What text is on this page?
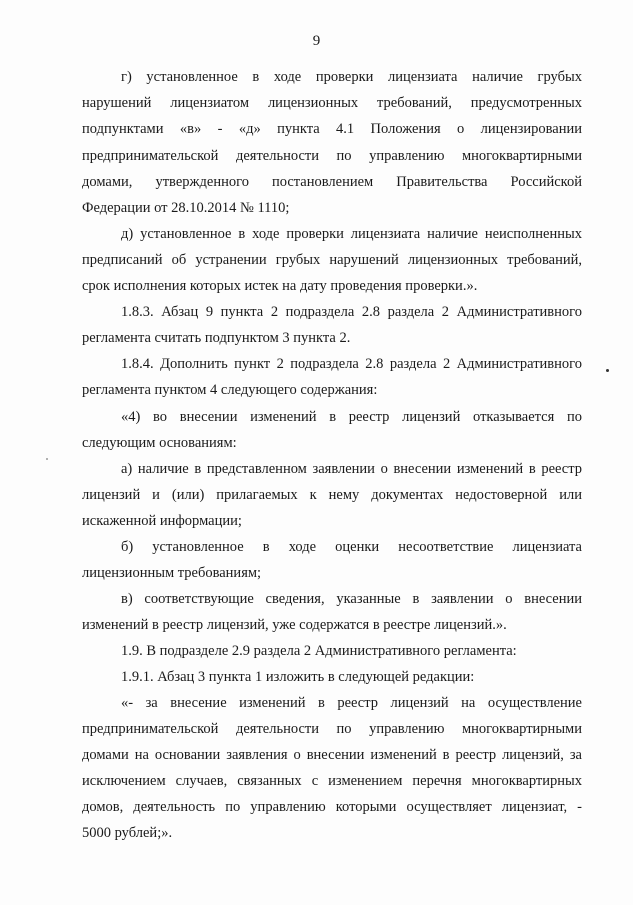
9
г) установленное в ходе проверки лицензиата наличие грубых
нарушений лицензиатом лицензионных требований, предусмотренных
подпунктами «в» - «д» пункта 4.1 Положения о лицензировании
предпринимательской деятельности по управлению многоквартирными
домами, утвержденного постановлением Правительства Российской
Федерации от 28.10.2014 № 1110;
д) установленное в ходе проверки лицензиата наличие неисполненных
предписаний об устранении грубых нарушений лицензионных требований,
срок исполнения которых истек на дату проведения проверки.».
1.8.3. Абзац 9 пункта 2 подраздела 2.8 раздела 2 Административного
регламента считать подпунктом 3 пункта 2.
1.8.4. Дополнить пункт 2 подраздела 2.8 раздела 2 Административного
регламента пунктом 4 следующего содержания:
«4) во внесении изменений в реестр лицензий отказывается по
следующим основаниям:
а) наличие в представленном заявлении о внесении изменений в реестр
лицензий и (или) прилагаемых к нему документах недостоверной или
искаженной информации;
б) установленное в ходе оценки несоответствие лицензиата
лицензионным требованиям;
в) соответствующие сведения, указанные в заявлении о внесении
изменений в реестр лицензий, уже содержатся в реестре лицензий.».
1.9. В подразделе 2.9 раздела 2 Административного регламента:
1.9.1. Абзац 3 пункта 1 изложить в следующей редакции:
«- за внесение изменений в реестр лицензий на осуществление
предпринимательской деятельности по управлению многоквартирными
домами на основании заявления о внесении изменений в реестр лицензий, за
исключением случаев, связанных с изменением перечня многоквартирных
домов, деятельность по управлению которыми осуществляет лицензиат, -
5000 рублей;».
